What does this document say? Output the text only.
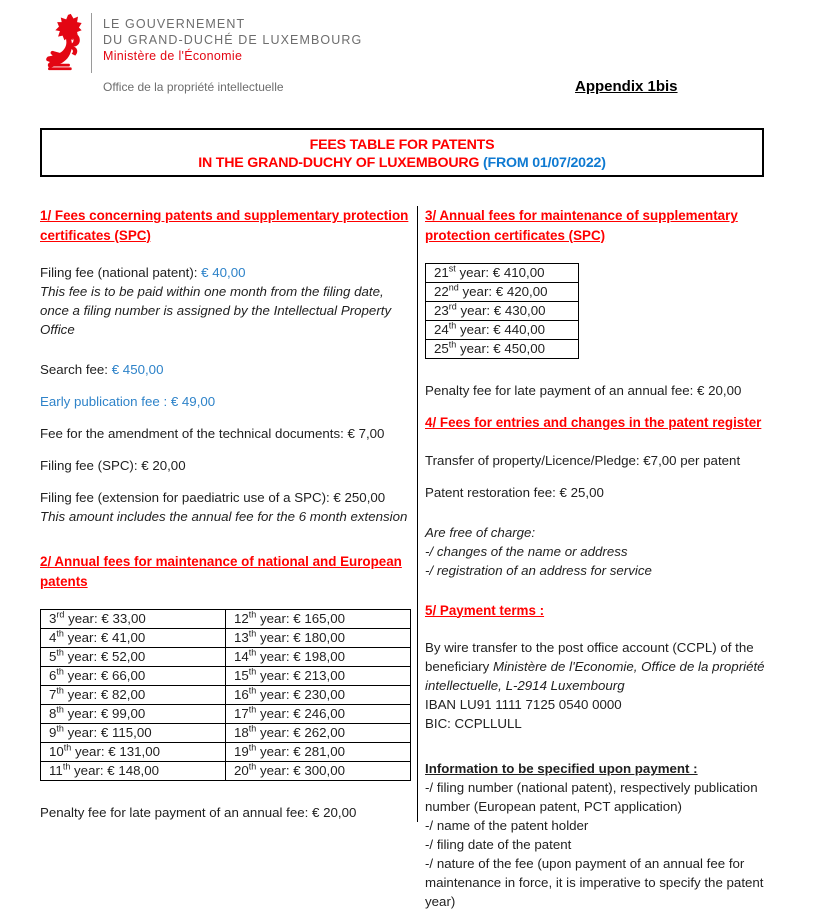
LE GOUVERNEMENT
DU GRAND-DUCHÉ DE LUXEMBOURG
Ministère de l'Économie
Office de la propriété intellectuelle	Appendix 1bis
FEES TABLE FOR PATENTS
IN THE GRAND-DUCHY OF LUXEMBOURG (FROM 01/07/2022)
1/ Fees concerning patents and supplementary protection certificates (SPC)
Filing fee (national patent): € 40,00
This fee is to be paid within one month from the filing date, once a filing number is assigned by the Intellectual Property Office
Search fee: € 450,00
Early publication fee : € 49,00
Fee for the amendment of the technical documents: € 7,00
Filing fee (SPC): € 20,00
Filing fee (extension for paediatric use of a SPC): € 250,00
This amount includes the annual fee for the 6 month extension
2/ Annual fees for maintenance of national and European patents
3rd year: € 33,00	12th year: € 165,00
4th year: € 41,00	13th year: € 180,00
5th year: € 52,00	14th year: € 198,00
6th year: € 66,00	15th year: € 213,00
7th year: € 82,00	16th year: € 230,00
8th year: € 99,00	17th year: € 246,00
9th year: € 115,00	18th year: € 262,00
10th year: € 131,00	19th year: € 281,00
11th year: € 148,00	20th year: € 300,00
Penalty fee for late payment of an annual fee: € 20,00
3/ Annual fees for maintenance of supplementary protection certificates (SPC)
21st year: € 410,00
22nd year: € 420,00
23rd year: € 430,00
24th year: € 440,00
25th year: € 450,00
Penalty fee for late payment of an annual fee: € 20,00
4/ Fees for entries and changes in the patent register
Transfer of property/Licence/Pledge: €7,00 per patent
Patent restoration fee: € 25,00
Are free of charge:
-/ changes of the name or address
-/ registration of an address for service
5/ Payment terms :
By wire transfer to the post office account (CCPL) of the beneficiary Ministère de l'Economie, Office de la propriété intellectuelle, L-2914 Luxembourg
IBAN LU91 1111 7125 0540 0000
BIC: CCPLLULL
Information to be specified upon payment :
-/ filing number (national patent), respectively publication number (European patent, PCT application)
-/ name of the patent holder
-/ filing date of the patent
-/ nature of the fee (upon payment of an annual fee for maintenance in force, it is imperative to specify the patent year)
